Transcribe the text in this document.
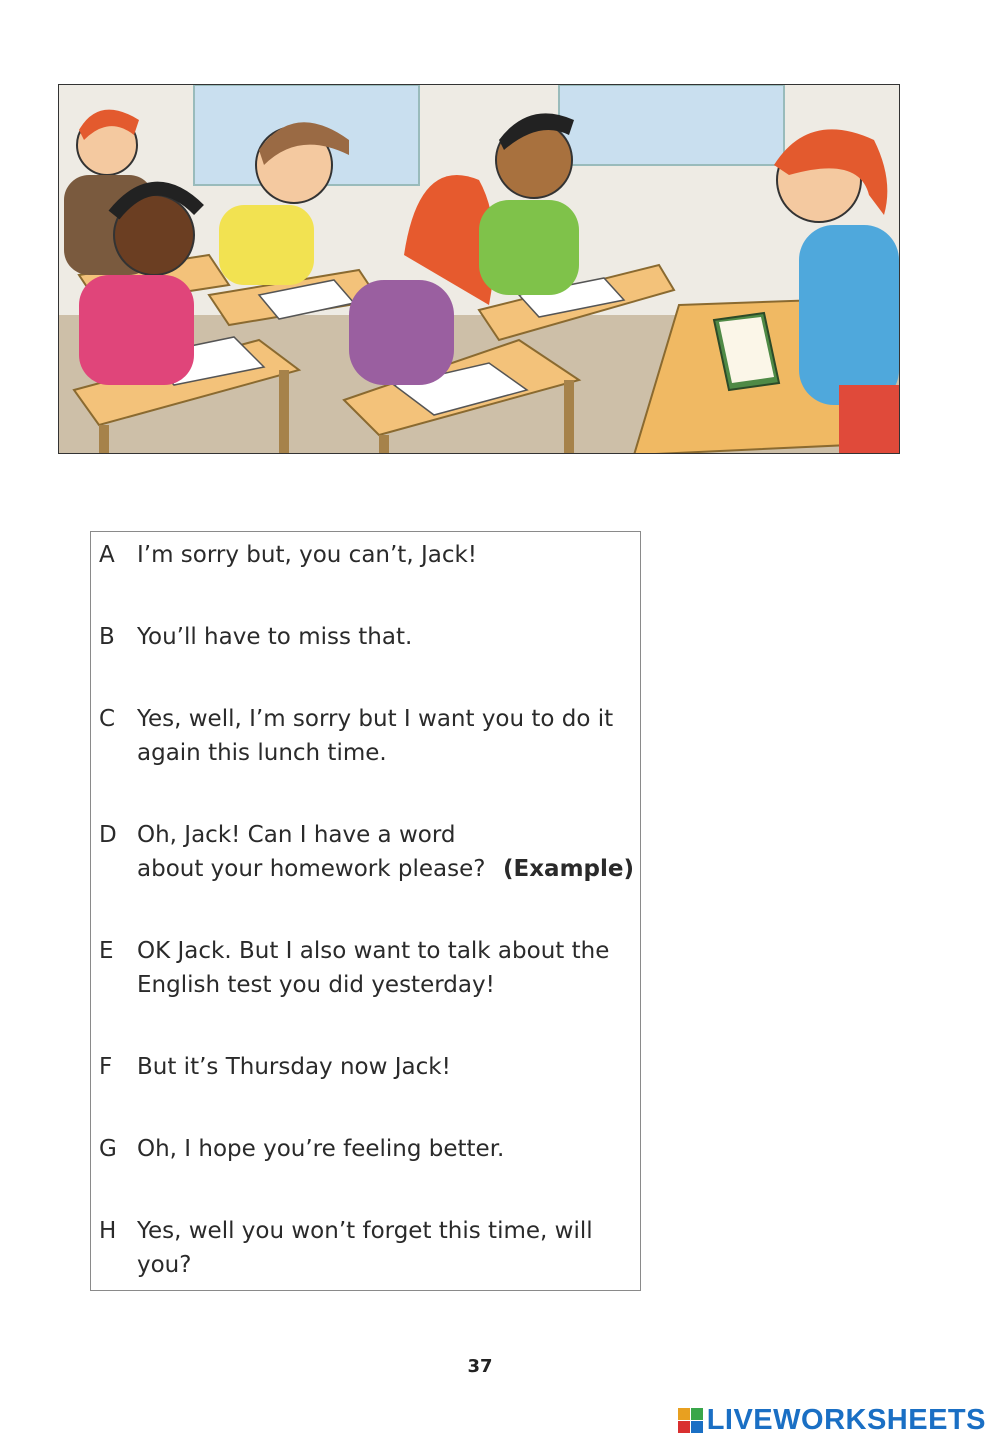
A I’m sorry but, you can’t, Jack!
B You’ll have to miss that.
C Yes, well, I’m sorry but I want you to do it again this lunch time.
D Oh, Jack! Can I have a word about your homework please? (Example)
E	OK Jack. But I also want to talk about the English test you did yesterday!
F	But it’s Thursday now Jack!
G Oh, I hope you’re feeling better.
H Yes, well you won’t forget this time, will you?
37
LIVEWORKSHEETS
